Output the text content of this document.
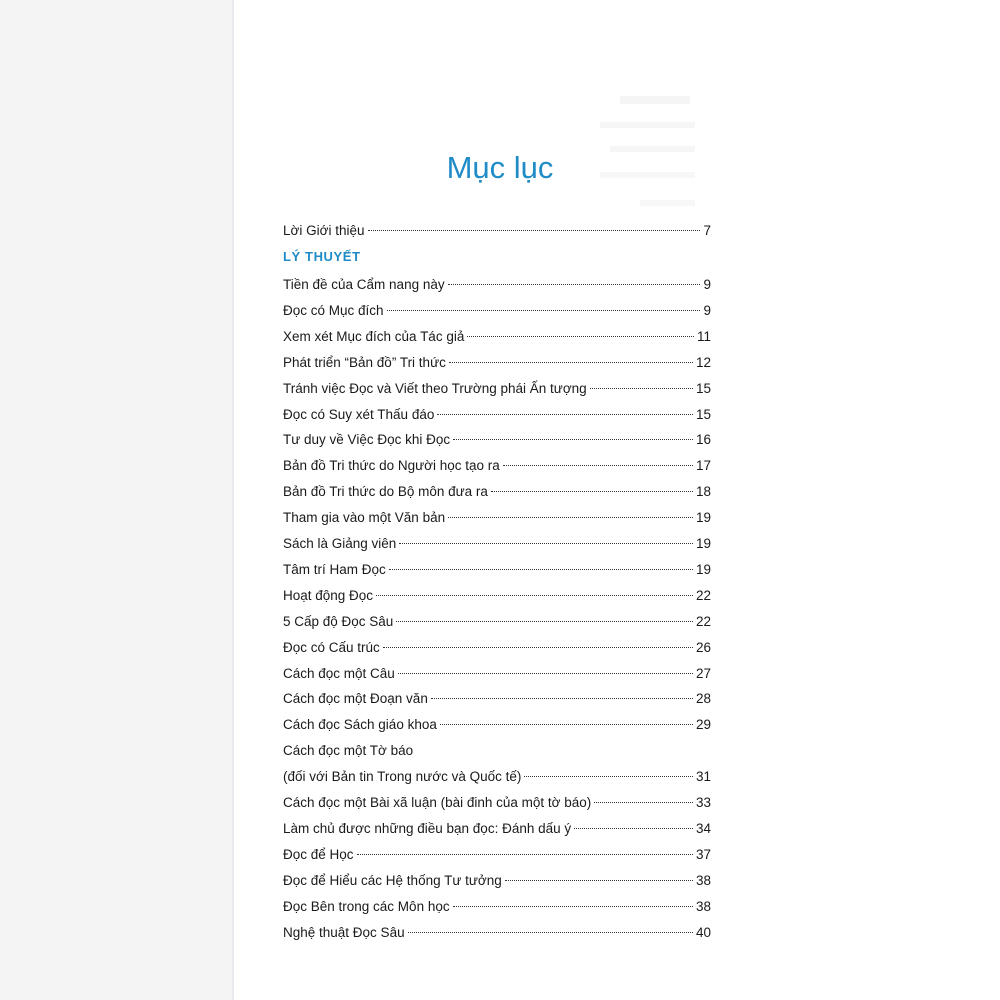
Mục lục
Lời Giới thiệu	7
LÝ THUYẾT
Tiền đề của Cẩm nang này	9
Đọc có Mục đích	9
Xem xét Mục đích của Tác giả	11
Phát triển “Bản đồ” Tri thức	12
Tránh việc Đọc và Viết theo Trường phái Ấn tượng	15
Đọc có Suy xét Thấu đáo	15
Tư duy về Việc Đọc khi Đọc	16
Bản đồ Tri thức do Người học tạo ra	17
Bản đồ Tri thức do Bộ môn đưa ra	18
Tham gia vào một Văn bản	19
Sách là Giảng viên	19
Tâm trí Ham Đọc	19
Hoạt động Đọc	22
5 Cấp độ Đọc Sâu	22
Đọc có Cấu trúc	26
Cách đọc một Câu	27
Cách đọc một Đoạn văn	28
Cách đọc Sách giáo khoa	29
Cách đọc một Tờ báo
(đối với Bản tin Trong nước và Quốc tế)	31
Cách đọc một Bài xã luận (bài đinh của một tờ báo)	33
Làm chủ được những điều bạn đọc: Đánh dấu ý	34
Đọc để Học	37
Đọc để Hiểu các Hệ thống Tư tưởng	38
Đọc Bên trong các Môn học	38
Nghệ thuật Đọc Sâu	40
